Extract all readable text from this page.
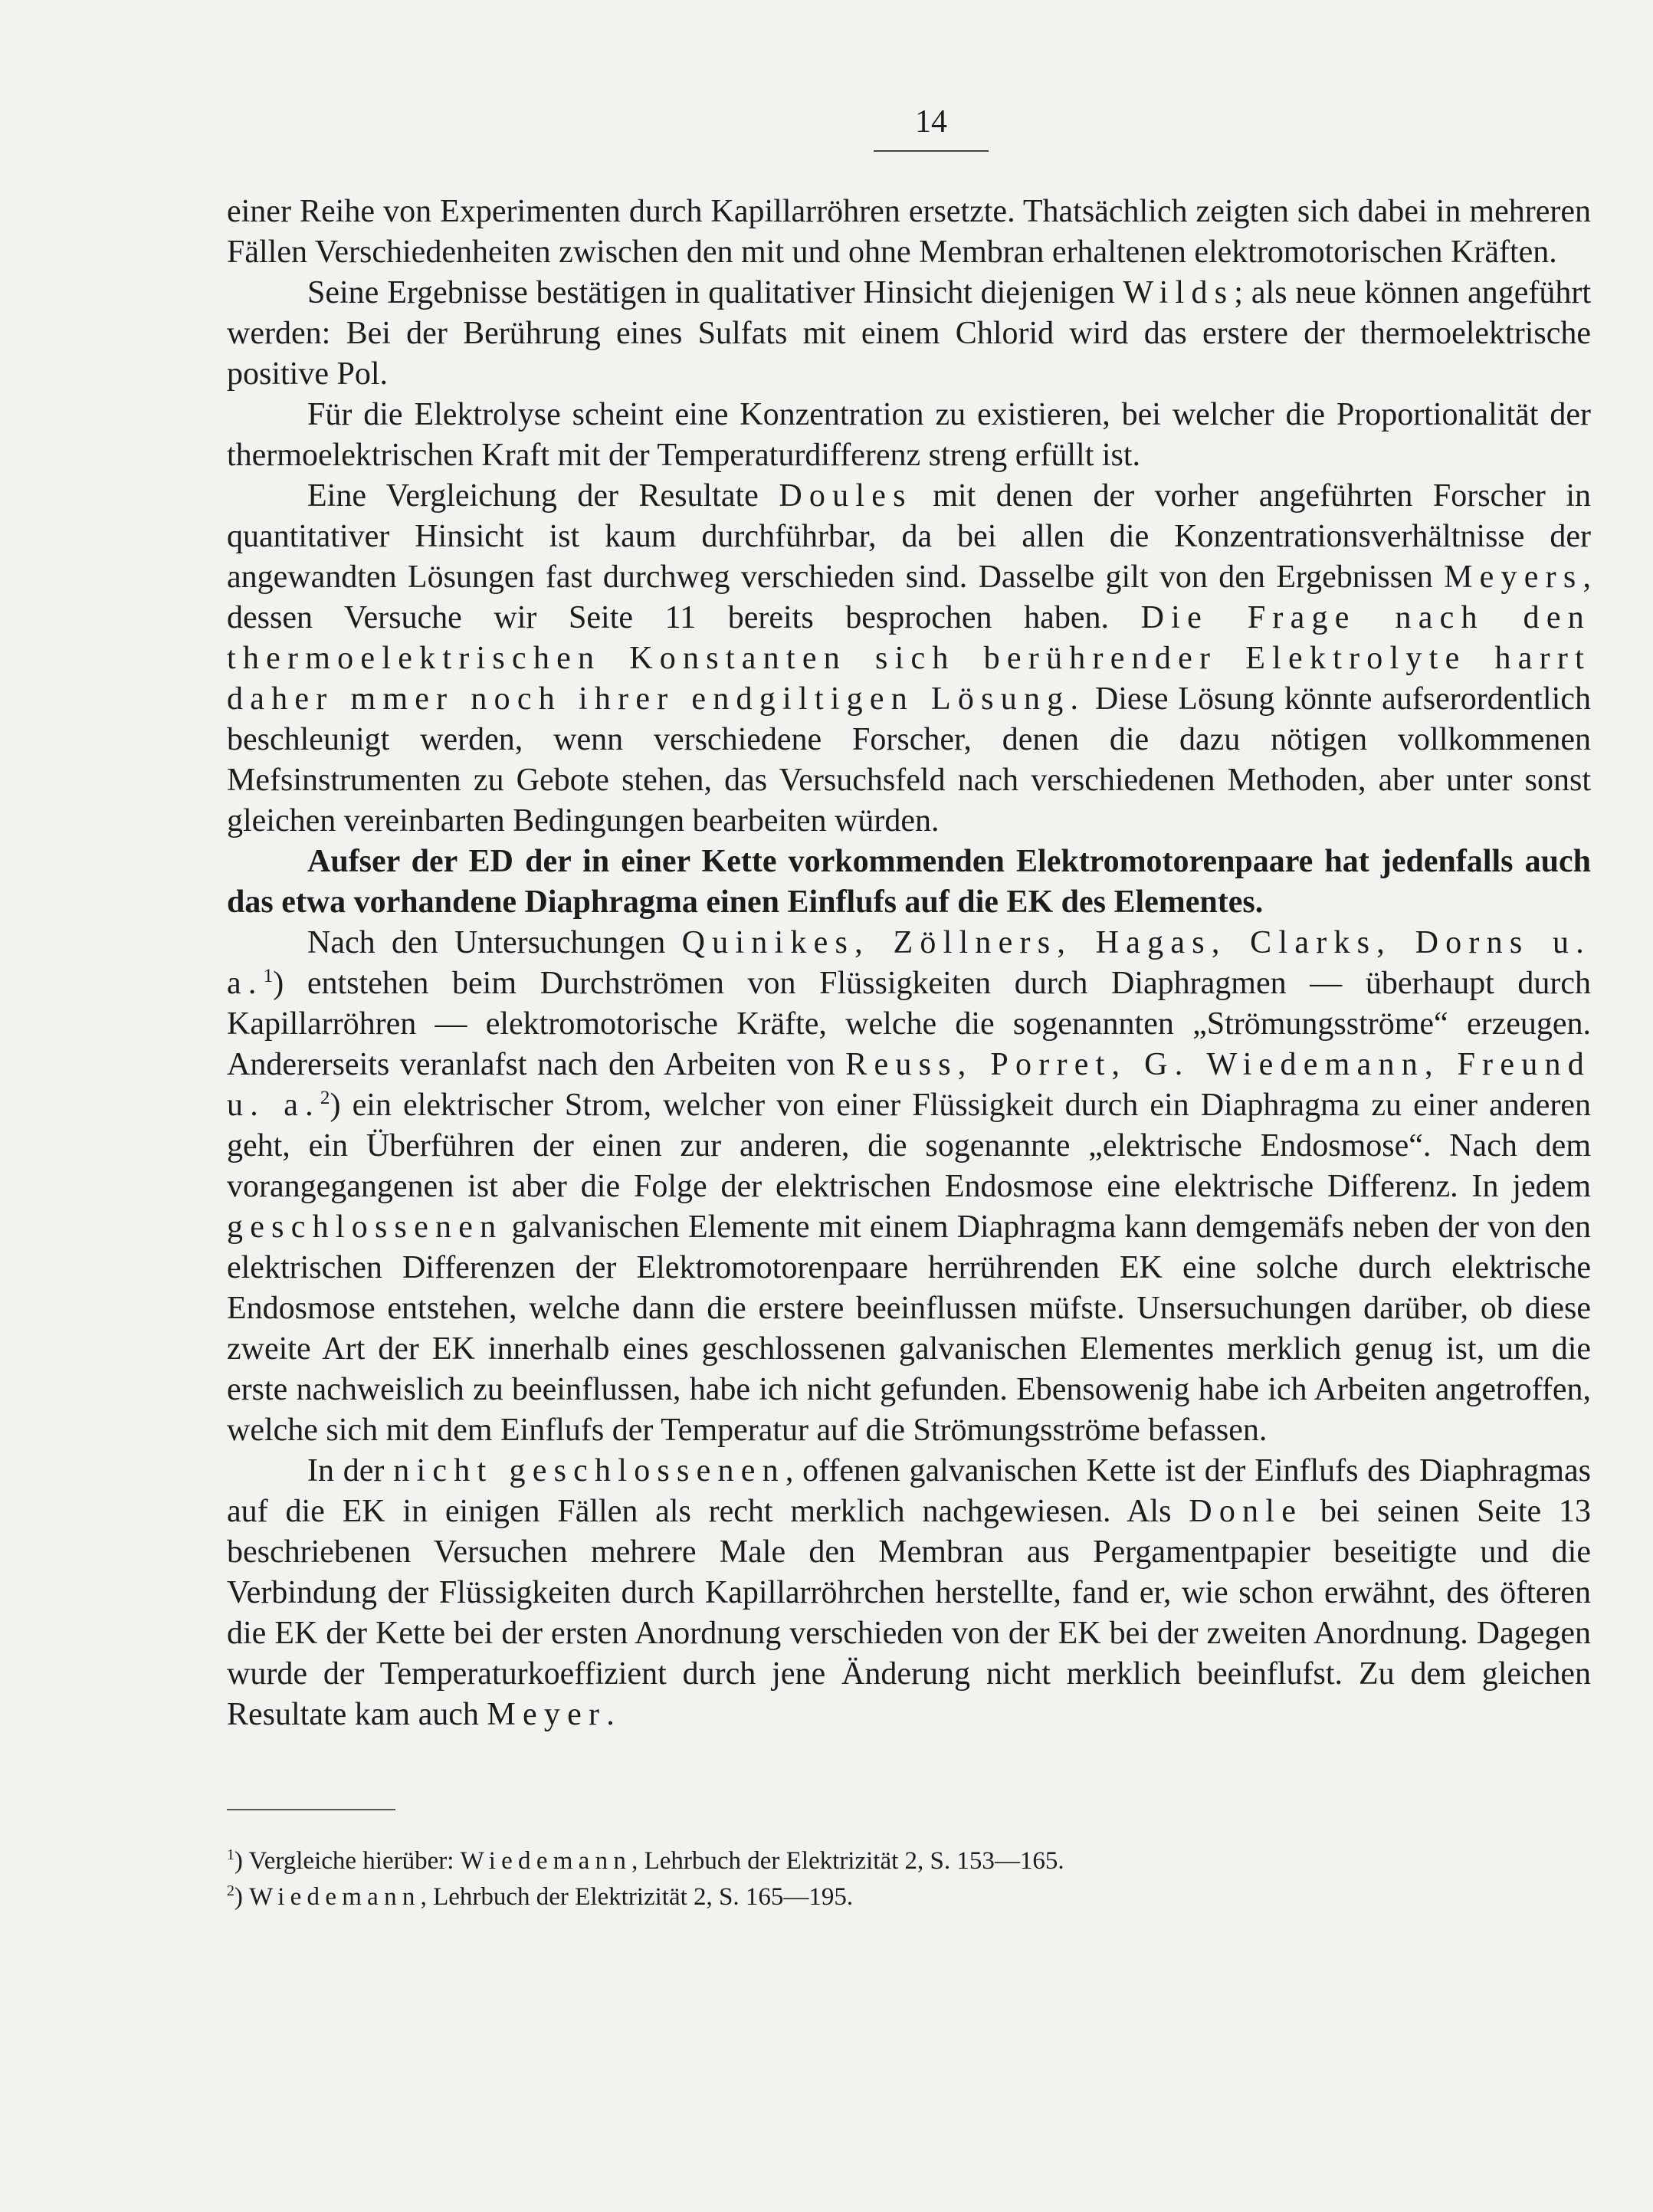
14

einer Reihe von Experimenten durch Kapillarröhren ersetzte. Thatsächlich zeigten sich dabei in mehreren Fällen Verschiedenheiten zwischen den mit und ohne Membran erhaltenen elektromotorischen Kräften.

Seine Ergebnisse bestätigen in qualitativer Hinsicht diejenigen Wilds; als neue können angeführt werden: Bei der Berührung eines Sulfats mit einem Chlorid wird das erstere der thermoelektrische positive Pol.

Für die Elektrolyse scheint eine Konzentration zu existieren, bei welcher die Proportionalität der thermoelektrischen Kraft mit der Temperaturdifferenz streng erfüllt ist.

Eine Vergleichung der Resultate Doules mit denen der vorher angeführten Forscher in quantitativer Hinsicht ist kaum durchführbar, da bei allen die Konzentrationsverhältnisse der angewandten Lösungen fast durchweg verschieden sind. Dasselbe gilt von den Ergebnissen Meyers, dessen Versuche wir Seite 11 bereits besprochen haben. Die Frage nach den thermoelektrischen Konstanten sich berührender Elektrolyte harrt daher mmer noch ihrer endgiltigen Lösung. Diese Lösung könnte aufserordentlich beschleunigt werden, wenn verschiedene Forscher, denen die dazu nötigen vollkommenen Mefsinstrumenten zu Gebote stehen, das Versuchsfeld nach verschiedenen Methoden, aber unter sonst gleichen vereinbarten Bedingungen bearbeiten würden.

Aufser der ED der in einer Kette vorkommenden Elektromotorenpaare hat jedenfalls auch das etwa vorhandene Diaphragma einen Einflufs auf die EK des Elementes.

Nach den Untersuchungen Quinikes, Zöllners, Hagas, Clarks, Dorns u. a.$^1$) entstehen beim Durchströmen von Flüssigkeiten durch Diaphragmen — überhaupt durch Kapillarröhren — elektromotorische Kräfte, welche die sogenannten „Strömungsströme“ erzeugen. Andererseits veranlafst nach den Arbeiten von Reuss, Porret, G. Wiedemann, Freund u. a.$^2$) ein elektrischer Strom, welcher von einer Flüssigkeit durch ein Diaphragma zu einer anderen geht, ein Überführen der einen zur anderen, die sogenannte „elektrische Endosmose“. Nach dem vorangegangenen ist aber die Folge der elektrischen Endosmose eine elektrische Differenz. In jedem geschlossenen galvanischen Elemente mit einem Diaphragma kann demgemäfs neben der von den elektrischen Differenzen der Elektromotorenpaare herrührenden EK eine solche durch elektrische Endosmose entstehen, welche dann die erstere beeinflussen müfste. Unsersuchungen darüber, ob diese zweite Art der EK innerhalb eines geschlossenen galvanischen Elementes merklich genug ist, um die erste nachweislich zu beeinflussen, habe ich nicht gefunden. Ebensowenig habe ich Arbeiten angetroffen, welche sich mit dem Einflufs der Temperatur auf die Strömungsströme befassen.

In der nicht geschlossenen, offenen galvanischen Kette ist der Einflufs des Diaphragmas auf die EK in einigen Fällen als recht merklich nachgewiesen. Als Donle bei seinen Seite 13 beschriebenen Versuchen mehrere Male den Membran aus Pergamentpapier beseitigte und die Verbindung der Flüssigkeiten durch Kapillarröhrchen herstellte, fand er, wie schon erwähnt, des öfteren die EK der Kette bei der ersten Anordnung verschieden von der EK bei der zweiten Anordnung. Dagegen wurde der Temperaturkoeffizient durch jene Änderung nicht merklich beeinflufst. Zu dem gleichen Resultate kam auch Meyer.

$^1$) Vergleiche hierüber: Wiedemann, Lehrbuch der Elektrizität 2, S. 153—165.

$^2$) Wiedemann, Lehrbuch der Elektrizität 2, S. 165—195.
